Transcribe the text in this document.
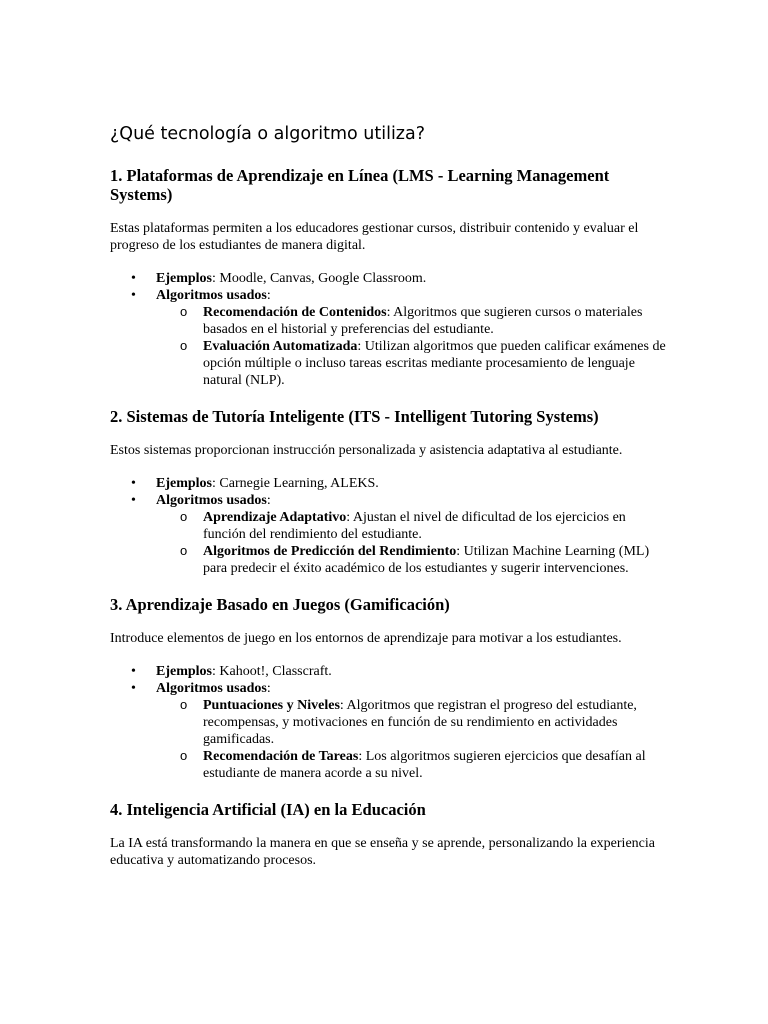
¿Qué tecnología o algoritmo utiliza?
1. Plataformas de Aprendizaje en Línea (LMS - Learning Management Systems)

Estas plataformas permiten a los educadores gestionar cursos, distribuir contenido y evaluar el progreso de los estudiantes de manera digital.

• Ejemplos: Moodle, Canvas, Google Classroom.
• Algoritmos usados:
o Recomendación de Contenidos: Algoritmos que sugieren cursos o materiales basados en el historial y preferencias del estudiante.
o Evaluación Automatizada: Utilizan algoritmos que pueden calificar exámenes de opción múltiple o incluso tareas escritas mediante procesamiento de lenguaje natural (NLP).
2. Sistemas de Tutoría Inteligente (ITS - Intelligent Tutoring Systems)

Estos sistemas proporcionan instrucción personalizada y asistencia adaptativa al estudiante.

• Ejemplos: Carnegie Learning, ALEKS.
• Algoritmos usados:
o Aprendizaje Adaptativo: Ajustan el nivel de dificultad de los ejercicios en función del rendimiento del estudiante.
o Algoritmos de Predicción del Rendimiento: Utilizan Machine Learning (ML) para predecir el éxito académico de los estudiantes y sugerir intervenciones.
3. Aprendizaje Basado en Juegos (Gamificación)

Introduce elementos de juego en los entornos de aprendizaje para motivar a los estudiantes.

• Ejemplos: Kahoot!, Classcraft.
• Algoritmos usados:
o Puntuaciones y Niveles: Algoritmos que registran el progreso del estudiante, recompensas, y motivaciones en función de su rendimiento en actividades gamificadas.
o Recomendación de Tareas: Los algoritmos sugieren ejercicios que desafían al estudiante de manera acorde a su nivel.
4. Inteligencia Artificial (IA) en la Educación

La IA está transformando la manera en que se enseña y se aprende, personalizando la experiencia educativa y automatizando procesos.
